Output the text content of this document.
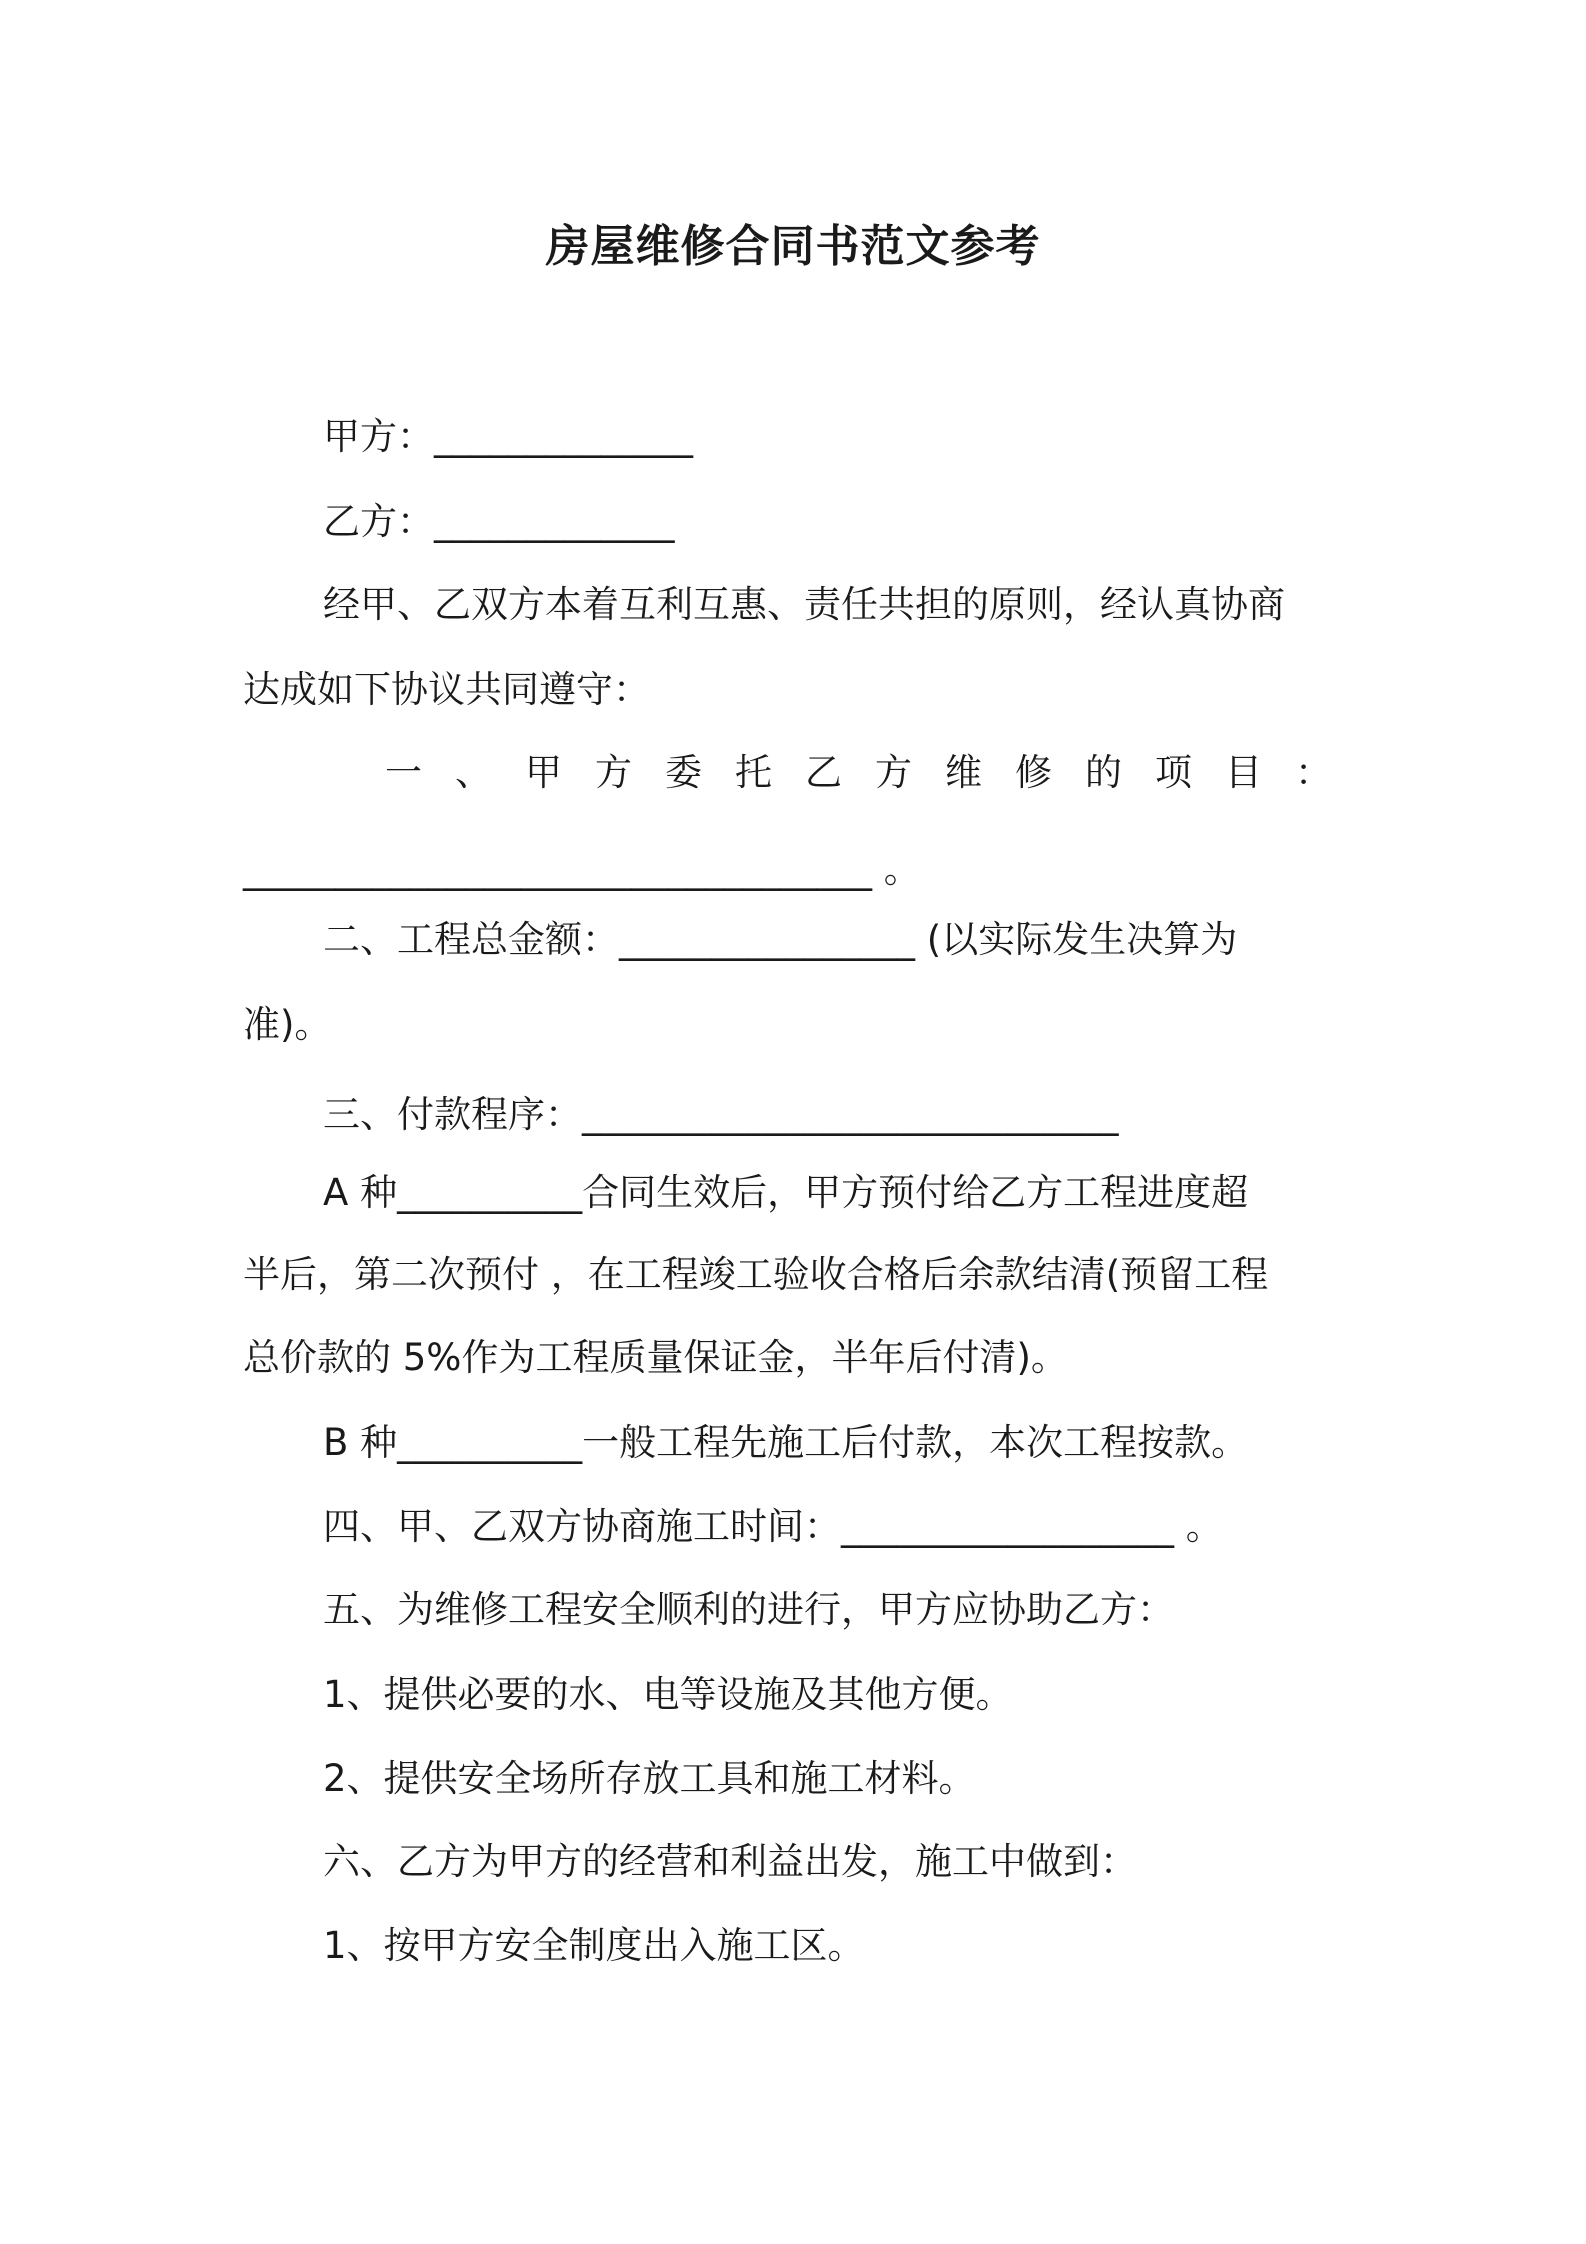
房屋维修合同书范文参考

甲方：______________

乙方：_____________

经甲、乙双方本着互利互惠、责任共担的原则，经认真协商

达成如下协议共同遵守：

一、甲方委托乙方维修的项目：

__________________________________ 。

二、工程总金额：________________ (以实际发生决算为

准)。

三、付款程序：_____________________________

A 种__________合同生效后，甲方预付给乙方工程进度超

半后，第二次预付 ，在工程竣工验收合格后余款结清(预留工程

总价款的 5%作为工程质量保证金，半年后付清)。

B 种__________一般工程先施工后付款，本次工程按款。

四、甲、乙双方协商施工时间：__________________ 。

五、为维修工程安全顺利的进行，甲方应协助乙方：

1、提供必要的水、电等设施及其他方便。

2、提供安全场所存放工具和施工材料。

六、乙方为甲方的经营和利益出发，施工中做到：

1、按甲方安全制度出入施工区。
